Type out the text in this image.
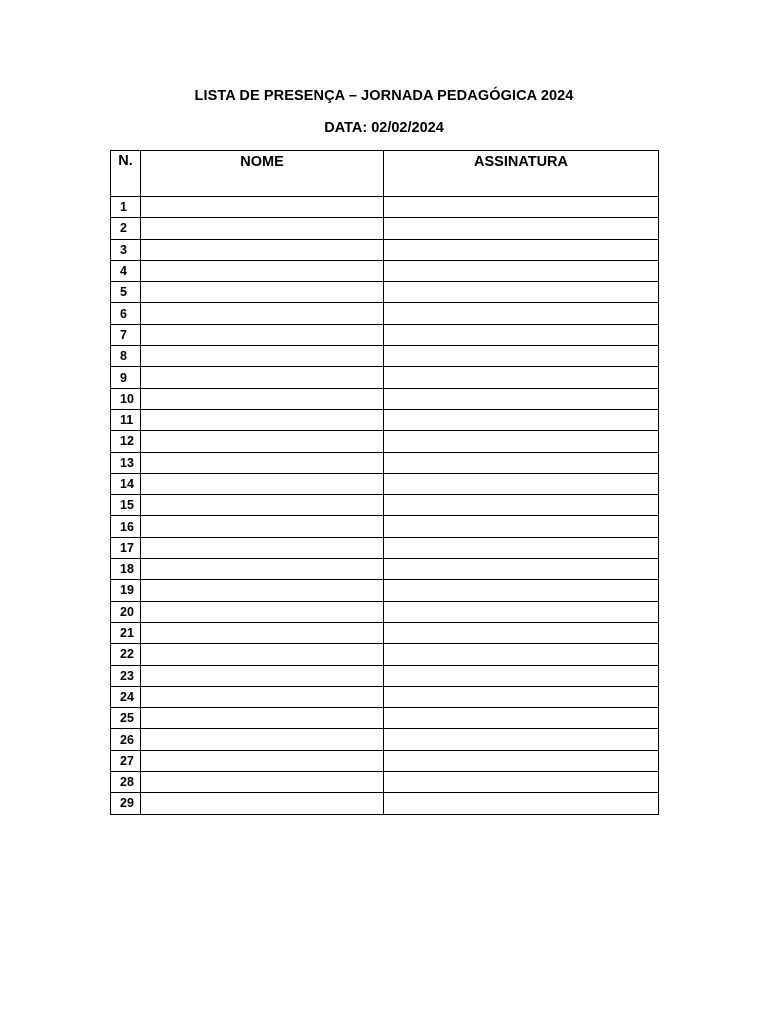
LISTA DE PRESENÇA – JORNADA PEDAGÓGICA 2024
DATA: 02/02/2024
N.	NOME	ASSINATURA
1		
2		
3		
4		
5		
6		
7		
8		
9		
10		
11		
12		
13		
14		
15		
16		
17		
18		
19		
20		
21		
22		
23		
24		
25		
26		
27		
28		
29		
